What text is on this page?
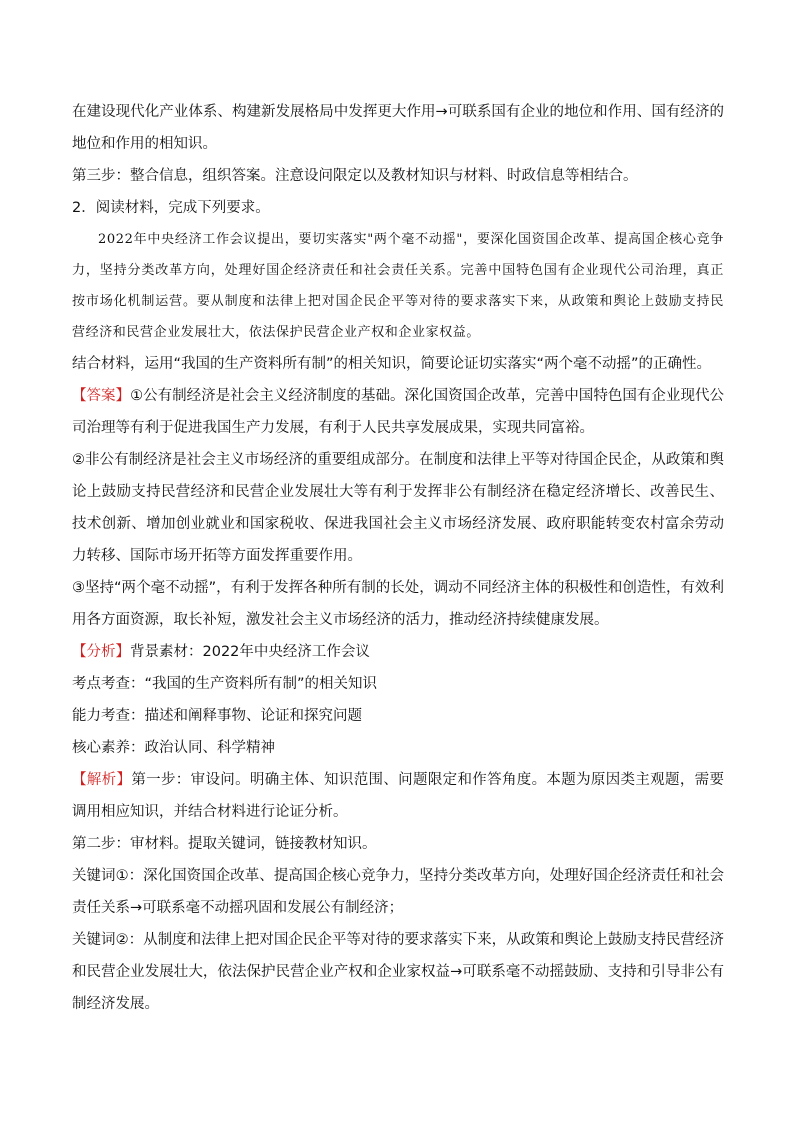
在建设现代化产业体系、构建新发展格局中发挥更大作用→可联系国有企业的地位和作用、国有经济的地位和作用的相知识。

第三步：整合信息，组织答案。注意设问限定以及教材知识与材料、时政信息等相结合。

2．阅读材料，完成下列要求。

2022年中央经济工作会议提出，要切实落实"两个毫不动摇"，要深化国资国企改革、提高国企核心竞争力，坚持分类改革方向，处理好国企经济责任和社会责任关系。完善中国特色国有企业现代公司治理，真正按市场化机制运营。要从制度和法律上把对国企民企平等对待的要求落实下来，从政策和舆论上鼓励支持民营经济和民营企业发展壮大，依法保护民营企业产权和企业家权益。

结合材料，运用“我国的生产资料所有制”的相关知识，简要论证切实落实“两个毫不动摇”的正确性。

【答案】①公有制经济是社会主义经济制度的基础。深化国资国企改革，完善中国特色国有企业现代公司治理等有利于促进我国生产力发展，有利于人民共享发展成果，实现共同富裕。

②非公有制经济是社会主义市场经济的重要组成部分。在制度和法律上平等对待国企民企，从政策和舆论上鼓励支持民营经济和民营企业发展壮大等有利于发挥非公有制经济在稳定经济增长、改善民生、技术创新、增加创业就业和国家税收、保进我国社会主义市场经济发展、政府职能转变农村富余劳动力转移、国际市场开拓等方面发挥重要作用。

③坚持“两个毫不动摇”，有利于发挥各种所有制的长处，调动不同经济主体的积极性和创造性，有效利用各方面资源，取长补短，激发社会主义市场经济的活力，推动经济持续健康发展。

【分析】背景素材：2022年中央经济工作会议

考点考查：“我国的生产资料所有制”的相关知识

能力考查：描述和阐释事物、论证和探究问题

核心素养：政治认同、科学精神

【解析】第一步：审设问。明确主体、知识范围、问题限定和作答角度。本题为原因类主观题，需要调用相应知识，并结合材料进行论证分析。

第二步：审材料。提取关键词，链接教材知识。

关键词①：深化国资国企改革、提高国企核心竞争力，坚持分类改革方向，处理好国企经济责任和社会责任关系→可联系毫不动摇巩固和发展公有制经济；

关键词②：从制度和法律上把对国企民企平等对待的要求落实下来，从政策和舆论上鼓励支持民营经济和民营企业发展壮大，依法保护民营企业产权和企业家权益→可联系毫不动摇鼓励、支持和引导非公有制经济发展。
